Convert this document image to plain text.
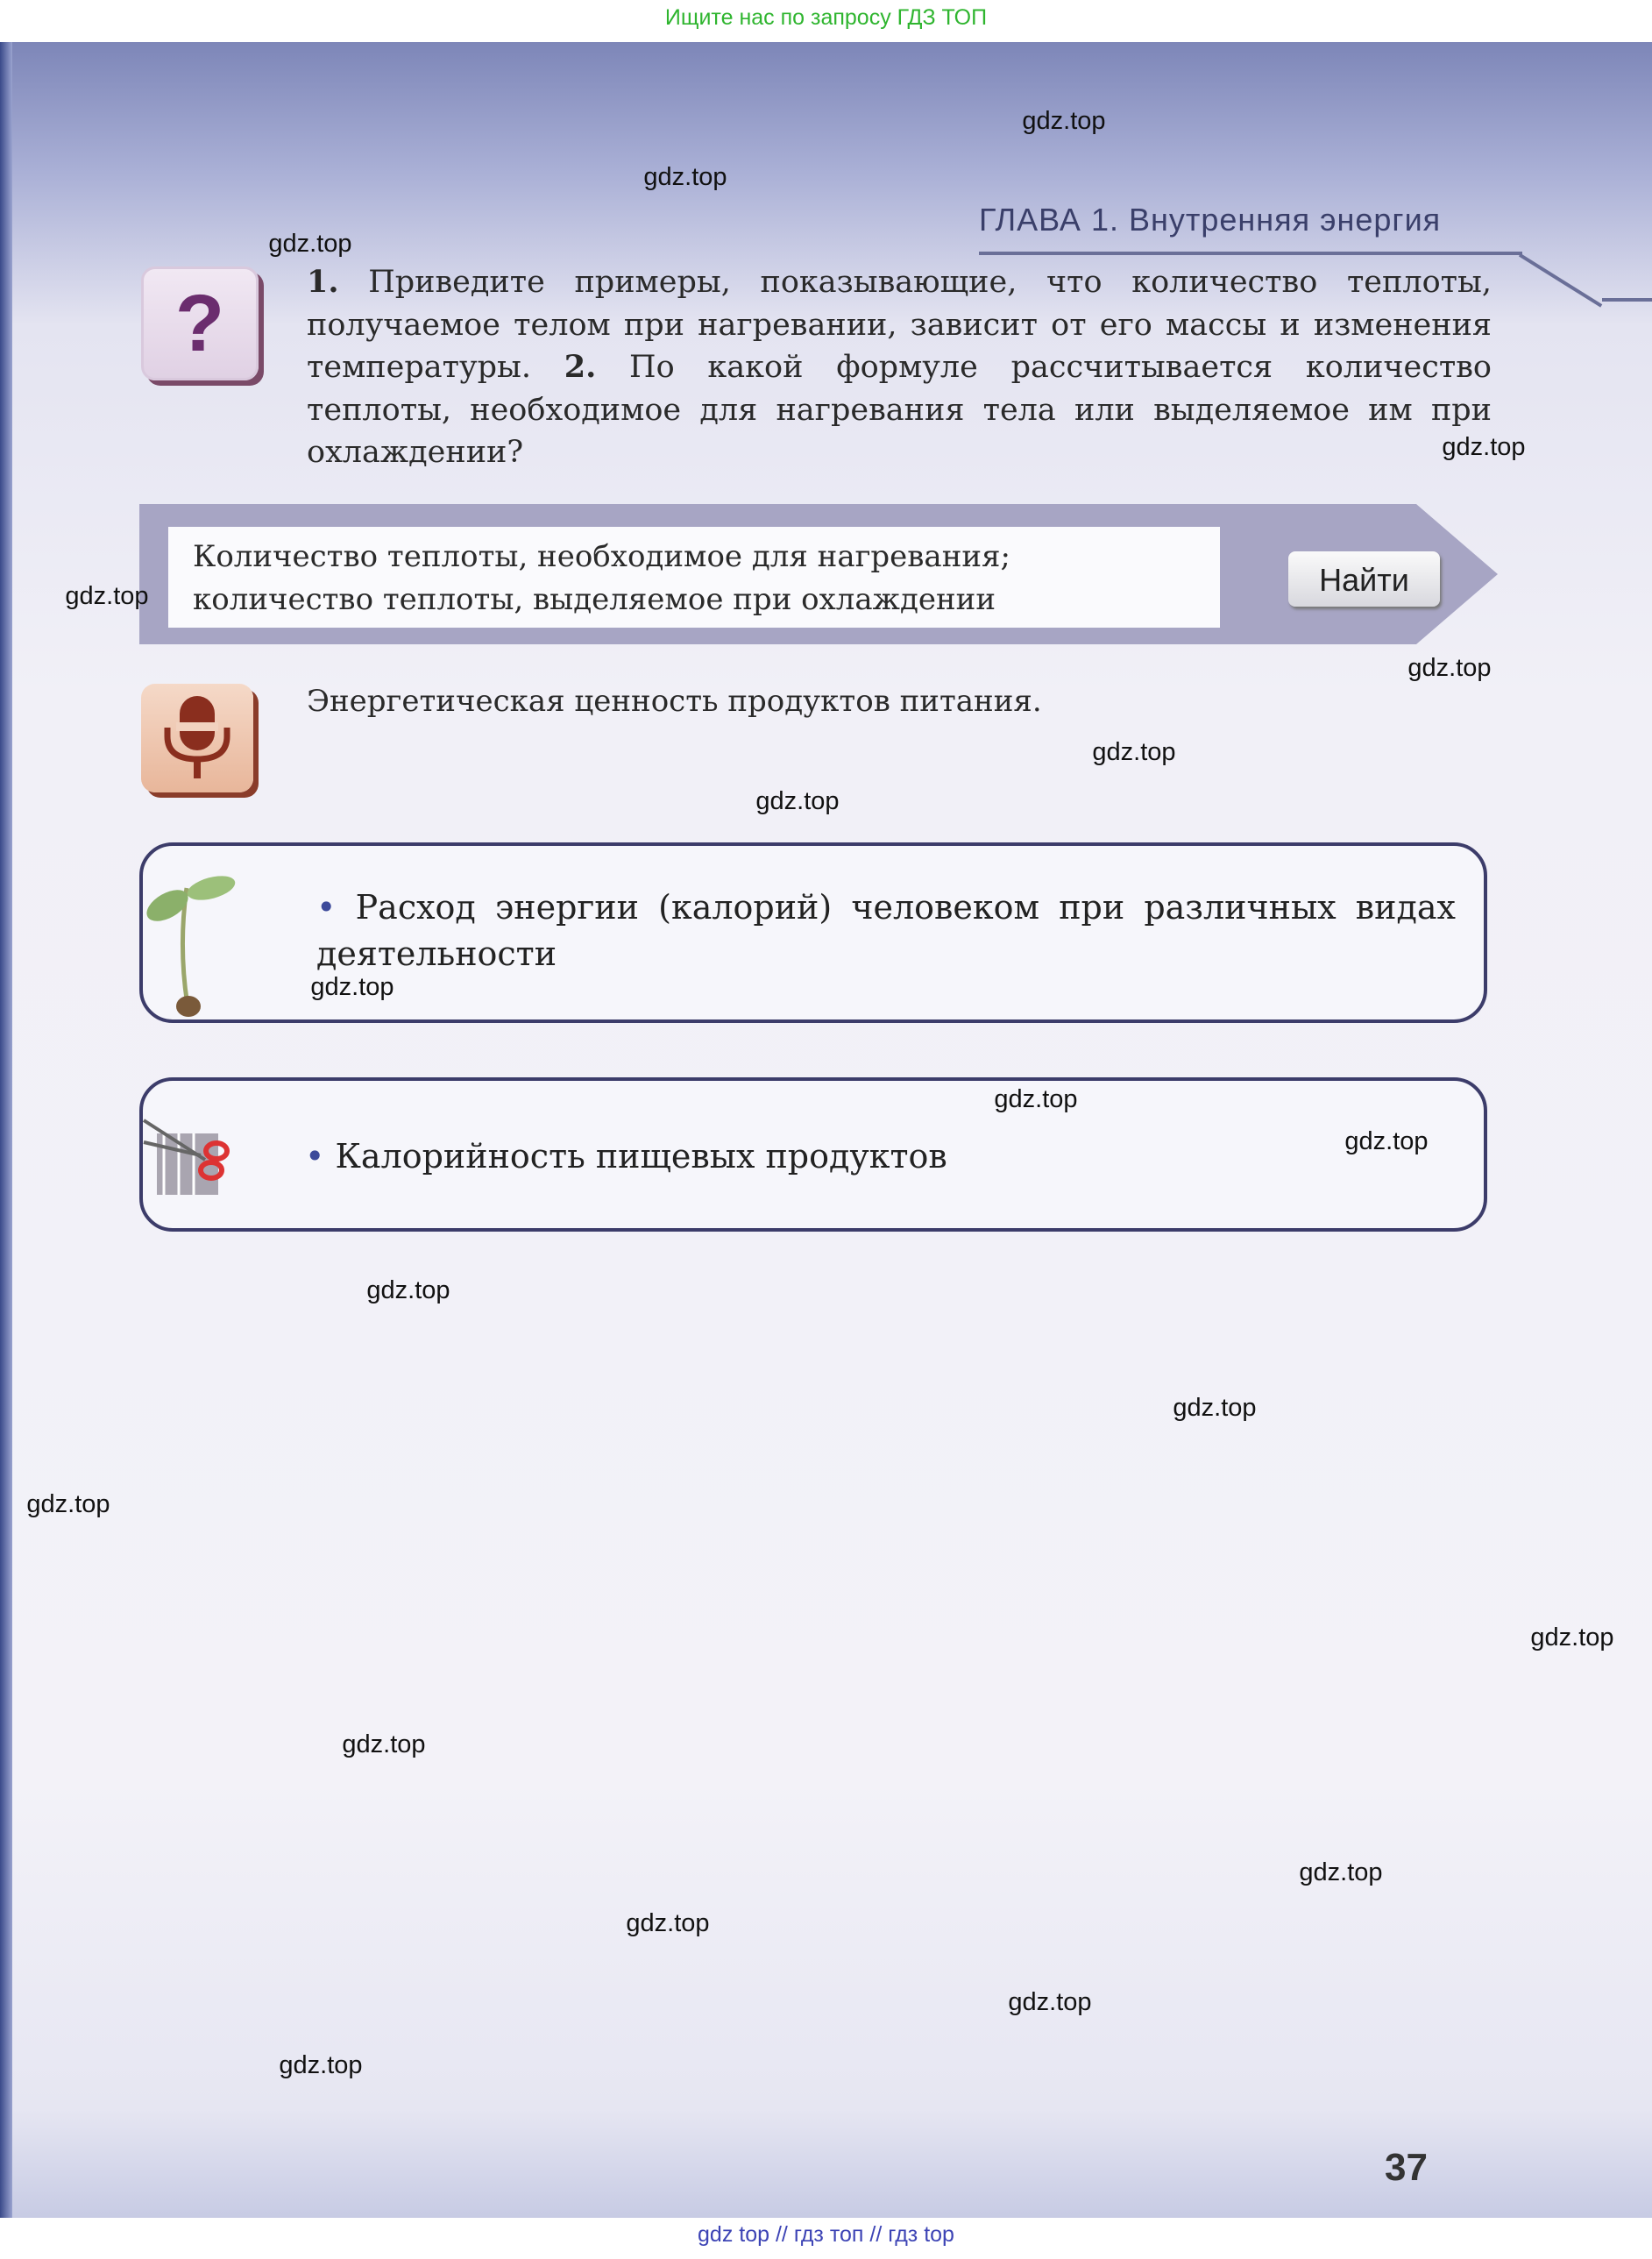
Ищите нас по запросу ГДЗ ТОП
ГЛАВА 1. Внутренняя энергия
?	1. Приведите примеры, показывающие, что количество теплоты, получаемое телом при нагревании, зависит от его массы и изменения температуры. 2. По какой формуле рассчитывается количество теплоты, необходимое для нагревания тела или выделяемое им при охлаждении?
Количество теплоты, необходимое для нагревания;
количество теплоты, выделяемое при охлаждении
Найти
Энергетическая ценность продуктов питания.
• Расход энергии (калорий) человеком при различных видах деятельности
• Калорийность пищевых продуктов
37
gdz.top
gdz.top
gdz.top
gdz.top
gdz.top
gdz.top
gdz.top
gdz.top
gdz.top
gdz.top
gdz.top
gdz.top
gdz.top
gdz.top
gdz.top
gdz.top
gdz.top
gdz.top
gdz.top
gdz.top
gdz top // гдз топ // гдз top
